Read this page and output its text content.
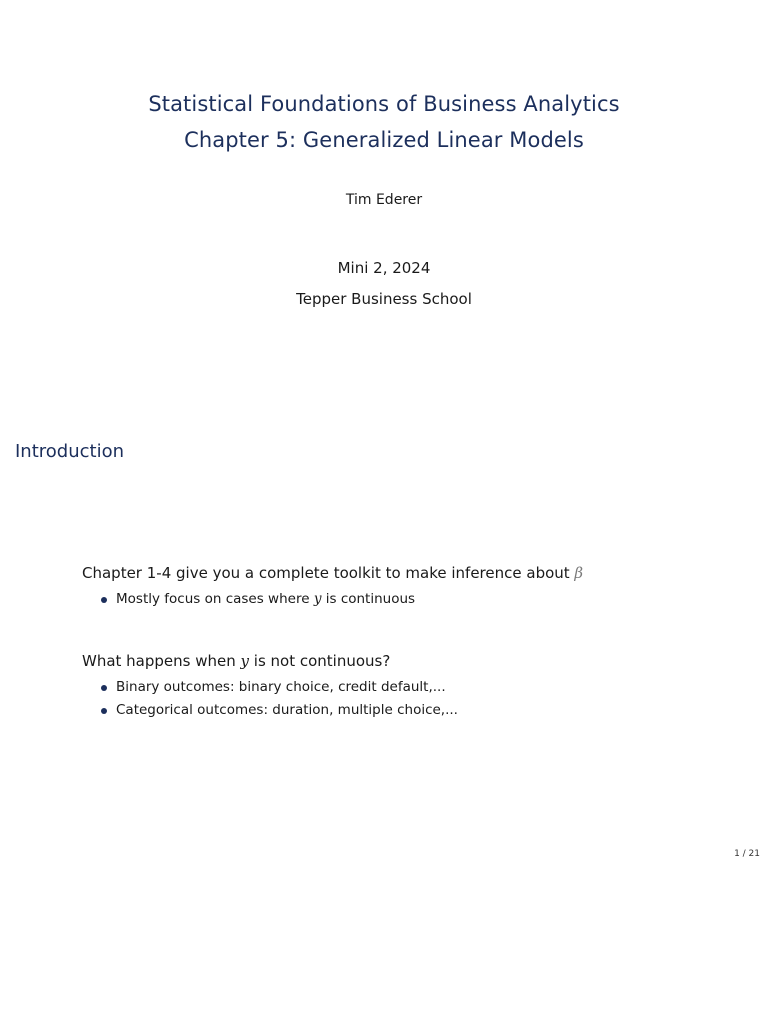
Statistical Foundations of Business Analytics
Chapter 5: Generalized Linear Models
Tim Ederer
Mini 2, 2024
Tepper Business School
Introduction
Chapter 1-4 give you a complete toolkit to make inference about β
Mostly focus on cases where y is continuous
What happens when y is not continuous?
Binary outcomes: binary choice, credit default,...
Categorical outcomes: duration, multiple choice,...
1 / 21
